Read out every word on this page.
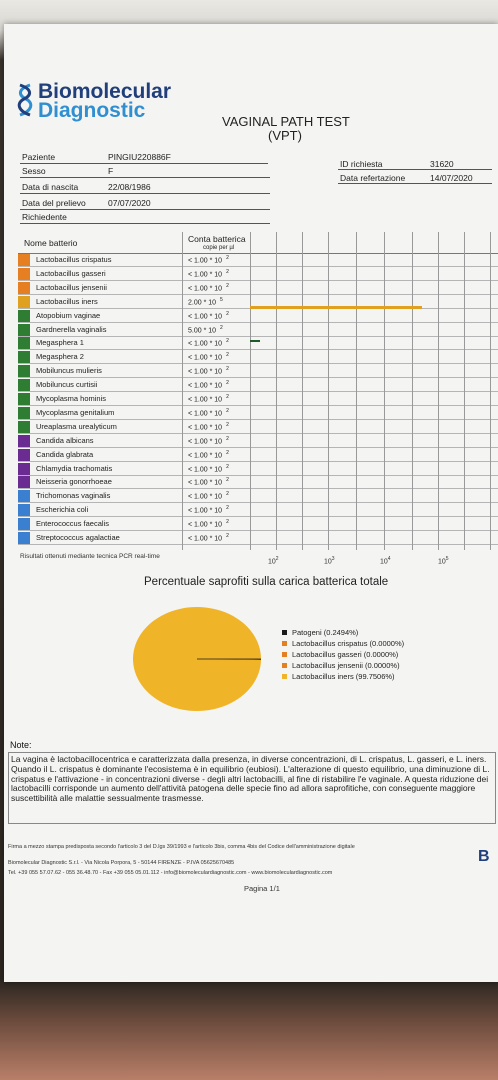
Biomolecular
Diagnostic	VAGINAL PATH TEST
(VPT)
Paziente	PINGIU220886F
Sesso	F
Data di nascita	22/08/1986
Data del prelievo	07/07/2020
Richiedente
ID richiesta	31620
Data refertazione	14/07/2020
Nome batterio	Conta batterica
copie per µl
Lactobacillus crispatus	< 1.00 * 10 $^2$
Lactobacillus gasseri	< 1.00 * 10 $^2$
Lactobacillus jensenii	< 1.00 * 10 $^2$
Lactobacillus iners	2.00 * 10 $^5$
Atopobium vaginae	< 1.00 * 10 $^2$
Gardnerella vaginalis	5.00 * 10 $^2$
Megasphera 1	< 1.00 * 10 $^2$
Megasphera 2	< 1.00 * 10 $^2$
Mobiluncus mulieris	< 1.00 * 10 $^2$
Mobiluncus curtisii	< 1.00 * 10 $^2$
Mycoplasma hominis	< 1.00 * 10 $^2$
Mycoplasma genitalium	< 1.00 * 10 $^2$
Ureaplasma urealyticum	< 1.00 * 10 $^2$
Candida albicans	< 1.00 * 10 $^2$
Candida glabrata	< 1.00 * 10 $^2$
Chlamydia trachomatis	< 1.00 * 10 $^2$
Neisseria gonorrhoeae	< 1.00 * 10 $^2$
Trichomonas vaginalis	< 1.00 * 10 $^2$
Escherichia coli	< 1.00 * 10 $^2$
Enterococcus faecalis	< 1.00 * 10 $^2$
Streptococcus agalactiae	< 1.00 * 10 $^2$
Risultati ottenuti mediante tecnica PCR real-time
$10^2$	$10^3$	$10^4$	$10^5$
Percentuale saprofiti sulla carica batterica totale
Patogeni (0.2494%)
Lactobacillus crispatus (0.0000%)
Lactobacillus gasseri (0.0000%)
Lactobacillus jensenii (0.0000%)
Lactobacillus iners (99.7506%)
Note:
La vagina è lactobacillocentrica e caratterizzata dalla presenza, in diverse concentrazioni, di L. crispatus, L. gasseri, e L. iners. Quando il L. crispatus è dominante l'ecosistema è in equilibrio (eubiosi). L'alterazione di questo equilibrio, una diminuzione di L. crispatus e l'attivazione - in concentrazioni diverse - degli altri lactobacilli, al fine di ristabilire l'e vaginale. A questa riduzione dei lactobacilli corrisponde un aumento dell'attività patogena delle specie fino ad allora saprofitiche, con conseguente maggiore suscettibilità alle malattie sessualmente trasmesse.
Firma a mezzo stampa predisposta secondo l'articolo 3 del D.lgs 39/1993 e l'articolo 3bis, comma 4bis del Codice dell'amministrazione digitale
Biomolecular Diagnostic S.r.l. - Via Nicola Porpora, 5 - 50144 FIRENZE - P.IVA 05625670485
Tel. +39 055 57.07.62 - 055 36.48.70 - Fax +39 055 05.01.112 - info@biomoleculardiagnostic.com - www.biomoleculardiagnostic.com
Pagina 1/1
B
